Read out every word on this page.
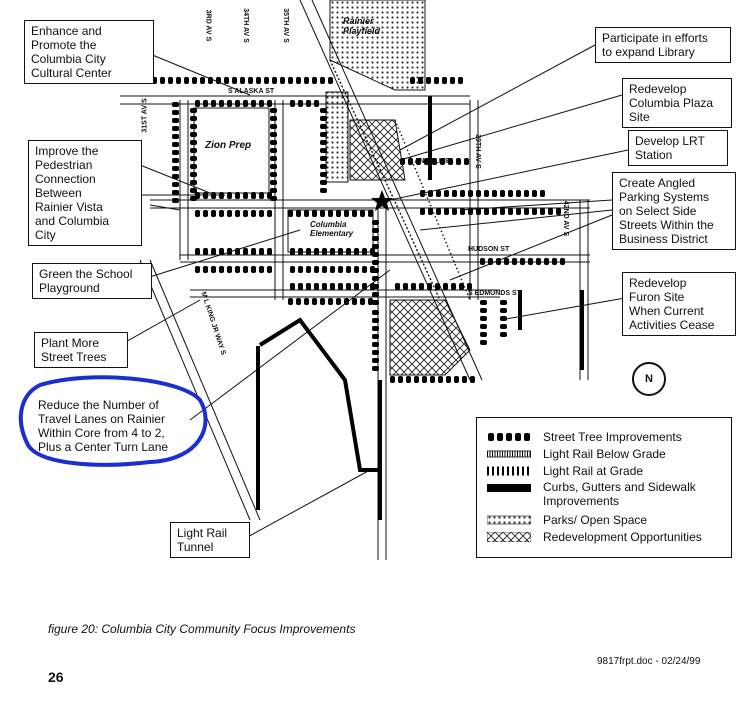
S ALASKA ST
S ANGELINE
HUDSON ST
S EDMUNDS ST
3RD AV S	34TH AV S	35TH AV S
31ST AV S
M L KING JR WAY S
42ND AV S
39TH AV S
Rainier
Playfield
Zion Prep
Columbia
Elementary
Enhance and
Promote the
Columbia City
Cultural Center
Participate in efforts
to expand Library
Redevelop
Columbia Plaza
Site
Develop LRT
Station
Improve the
Pedestrian
Connection
Between
Rainier Vista
and Columbia
City
Create Angled
Parking Systems
on Select Side
Streets Within the
Business District
Green the School
Playground	Redevelop
Furon Site
When Current
Activities Cease
Plant More
Street Trees
Reduce the Number of
Travel Lanes on Rainier
Within Core from 4 to 2,
Plus a Center Turn Lane
Light Rail
Tunnel
N
Street Tree Improvements
Light Rail Below Grade
Light Rail at Grade
Curbs, Gutters and Sidewalk
Improvements
Parks/ Open Space
Redevelopment Opportunities
figure 20: Columbia City Community Focus Improvements
26
9817frpt.doc - 02/24/99
